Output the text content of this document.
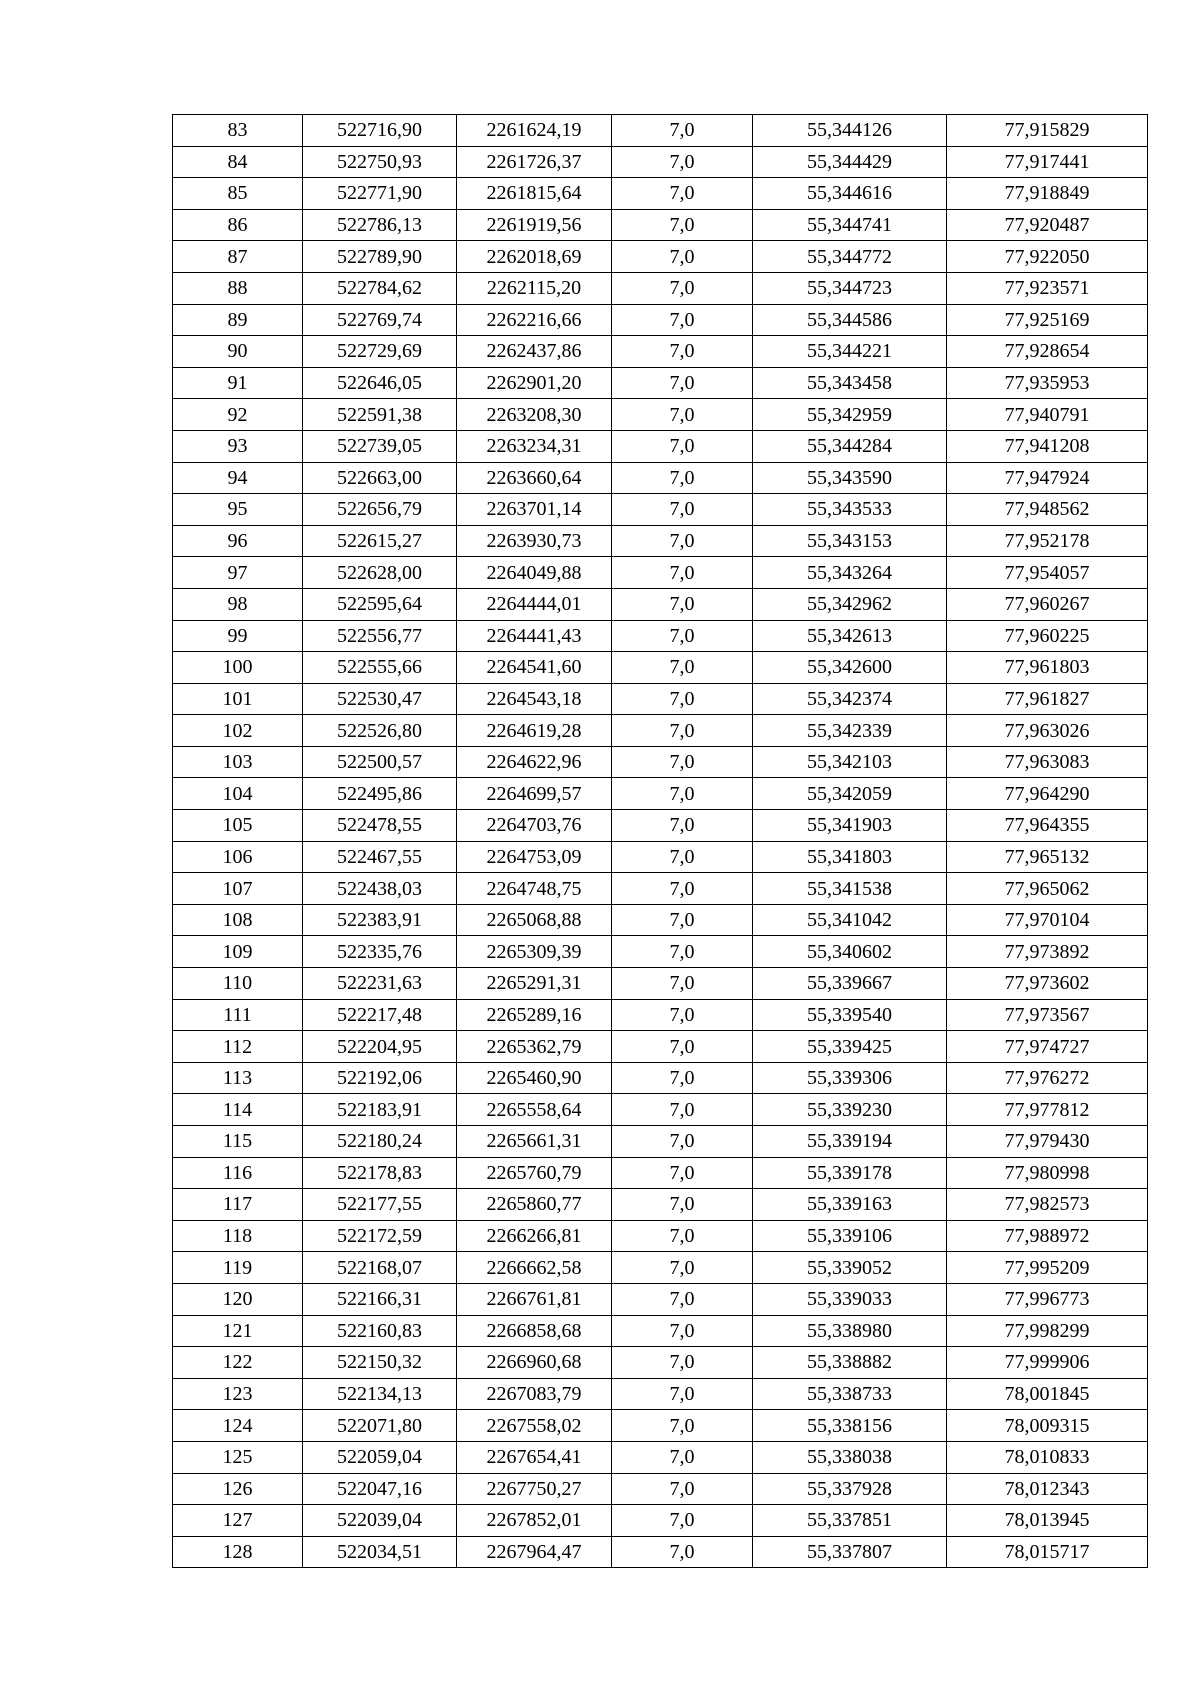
83	522716,90	2261624,19	7,0	55,344126	77,915829
84	522750,93	2261726,37	7,0	55,344429	77,917441
85	522771,90	2261815,64	7,0	55,344616	77,918849
86	522786,13	2261919,56	7,0	55,344741	77,920487
87	522789,90	2262018,69	7,0	55,344772	77,922050
88	522784,62	2262115,20	7,0	55,344723	77,923571
89	522769,74	2262216,66	7,0	55,344586	77,925169
90	522729,69	2262437,86	7,0	55,344221	77,928654
91	522646,05	2262901,20	7,0	55,343458	77,935953
92	522591,38	2263208,30	7,0	55,342959	77,940791
93	522739,05	2263234,31	7,0	55,344284	77,941208
94	522663,00	2263660,64	7,0	55,343590	77,947924
95	522656,79	2263701,14	7,0	55,343533	77,948562
96	522615,27	2263930,73	7,0	55,343153	77,952178
97	522628,00	2264049,88	7,0	55,343264	77,954057
98	522595,64	2264444,01	7,0	55,342962	77,960267
99	522556,77	2264441,43	7,0	55,342613	77,960225
100	522555,66	2264541,60	7,0	55,342600	77,961803
101	522530,47	2264543,18	7,0	55,342374	77,961827
102	522526,80	2264619,28	7,0	55,342339	77,963026
103	522500,57	2264622,96	7,0	55,342103	77,963083
104	522495,86	2264699,57	7,0	55,342059	77,964290
105	522478,55	2264703,76	7,0	55,341903	77,964355
106	522467,55	2264753,09	7,0	55,341803	77,965132
107	522438,03	2264748,75	7,0	55,341538	77,965062
108	522383,91	2265068,88	7,0	55,341042	77,970104
109	522335,76	2265309,39	7,0	55,340602	77,973892
110	522231,63	2265291,31	7,0	55,339667	77,973602
111	522217,48	2265289,16	7,0	55,339540	77,973567
112	522204,95	2265362,79	7,0	55,339425	77,974727
113	522192,06	2265460,90	7,0	55,339306	77,976272
114	522183,91	2265558,64	7,0	55,339230	77,977812
115	522180,24	2265661,31	7,0	55,339194	77,979430
116	522178,83	2265760,79	7,0	55,339178	77,980998
117	522177,55	2265860,77	7,0	55,339163	77,982573
118	522172,59	2266266,81	7,0	55,339106	77,988972
119	522168,07	2266662,58	7,0	55,339052	77,995209
120	522166,31	2266761,81	7,0	55,339033	77,996773
121	522160,83	2266858,68	7,0	55,338980	77,998299
122	522150,32	2266960,68	7,0	55,338882	77,999906
123	522134,13	2267083,79	7,0	55,338733	78,001845
124	522071,80	2267558,02	7,0	55,338156	78,009315
125	522059,04	2267654,41	7,0	55,338038	78,010833
126	522047,16	2267750,27	7,0	55,337928	78,012343
127	522039,04	2267852,01	7,0	55,337851	78,013945
128	522034,51	2267964,47	7,0	55,337807	78,015717
